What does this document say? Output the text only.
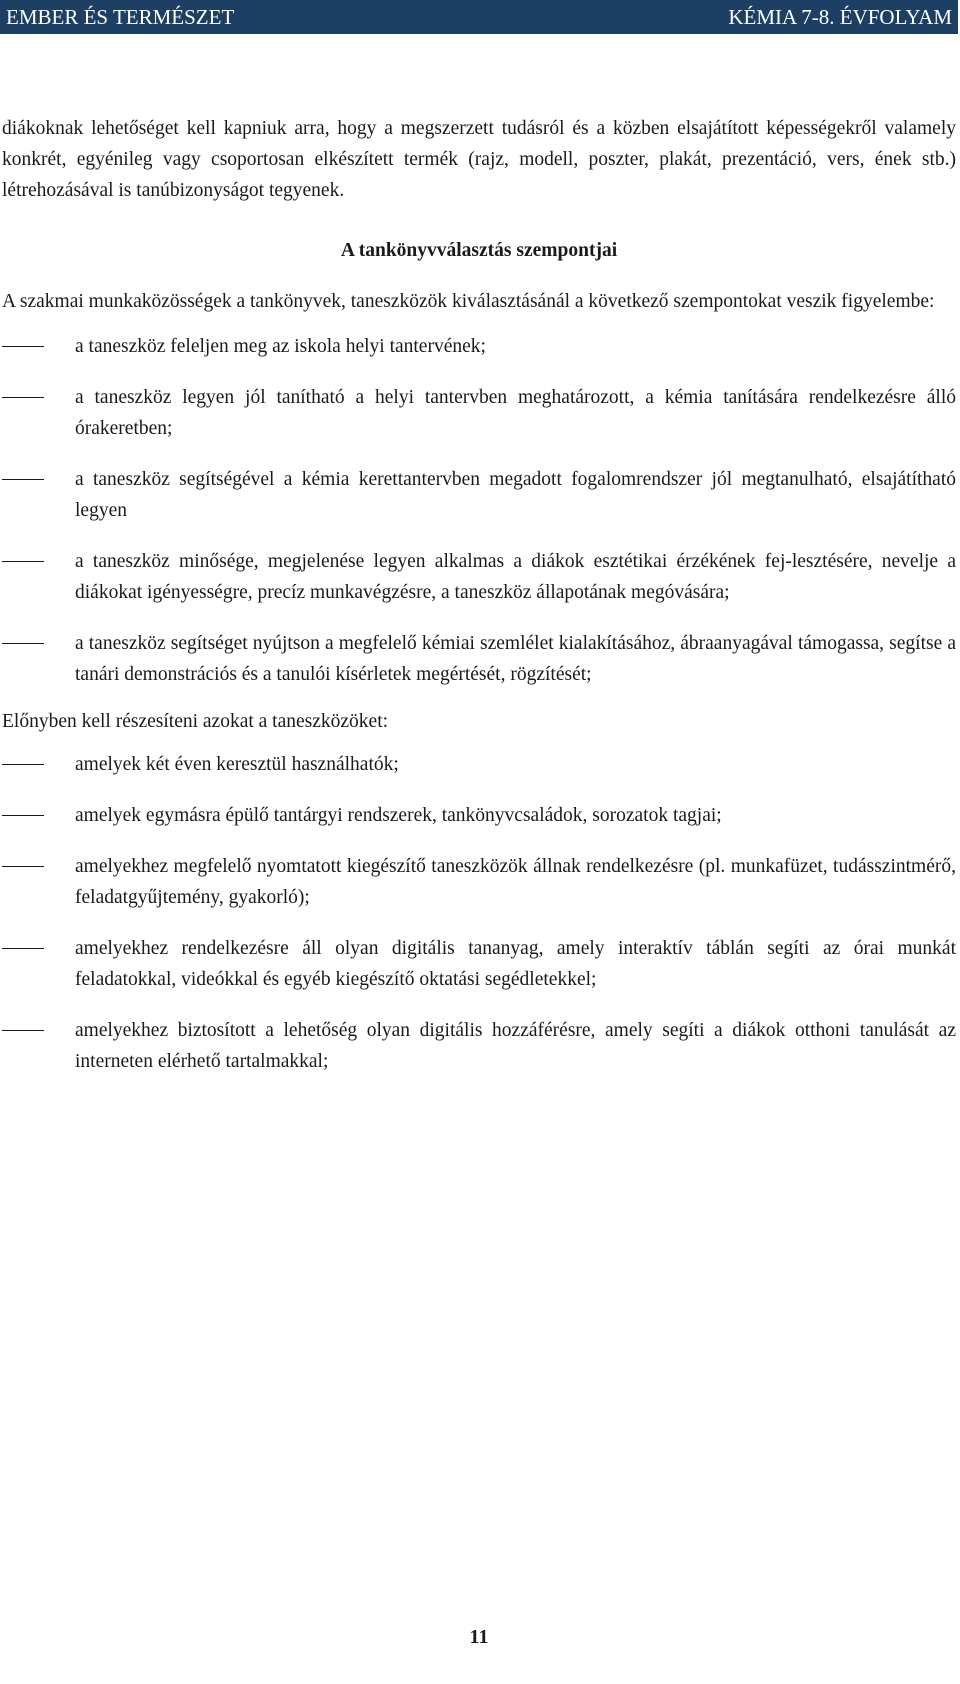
EMBER ÉS TERMÉSZET	KÉMIA 7-8. ÉVFOLYAM

diákoknak lehetőséget kell kapniuk arra, hogy a megszerzett tudásról és a közben elsajátított képességekről valamely konkrét, egyénileg vagy csoportosan elkészített termék (rajz, modell, poszter, plakát, prezentáció, vers, ének stb.) létrehozásával is tanúbizonyságot tegyenek.

A tankönyvválasztás szempontjai

A szakmai munkaközösségek a tankönyvek, taneszközök kiválasztásánál a következő szempontokat veszik figyelembe:

a taneszköz feleljen meg az iskola helyi tantervének;
a taneszköz legyen jól tanítható a helyi tantervben meghatározott, a kémia tanítására rendelkezésre álló órakeretben;
a taneszköz segítségével a kémia kerettantervben megadott fogalomrendszer jól megtanulható, elsajátítható legyen
a taneszköz minősége, megjelenése legyen alkalmas a diákok esztétikai érzékének fej-lesztésére, nevelje a diákokat igényességre, precíz munkavégzésre, a taneszköz állapotának megóvására;
a taneszköz segítséget nyújtson a megfelelő kémiai szemlélet kialakításához, ábraanyagával támogassa, segítse a tanári demonstrációs és a tanulói kísérletek megértését, rögzítését;

Előnyben kell részesíteni azokat a taneszközöket:

amelyek két éven keresztül használhatók;
amelyek egymásra épülő tantárgyi rendszerek, tankönyvcsaládok, sorozatok tagjai;
amelyekhez megfelelő nyomtatott kiegészítő taneszközök állnak rendelkezésre (pl. munkafüzet, tudásszintmérő, feladatgyűjtemény, gyakorló);
amelyekhez rendelkezésre áll olyan digitális tananyag, amely interaktív táblán segíti az órai munkát feladatokkal, videókkal és egyéb kiegészítő oktatási segédletekkel;
amelyekhez biztosított a lehetőség olyan digitális hozzáférésre, amely segíti a diákok otthoni tanulását az interneten elérhető tartalmakkal;
11
